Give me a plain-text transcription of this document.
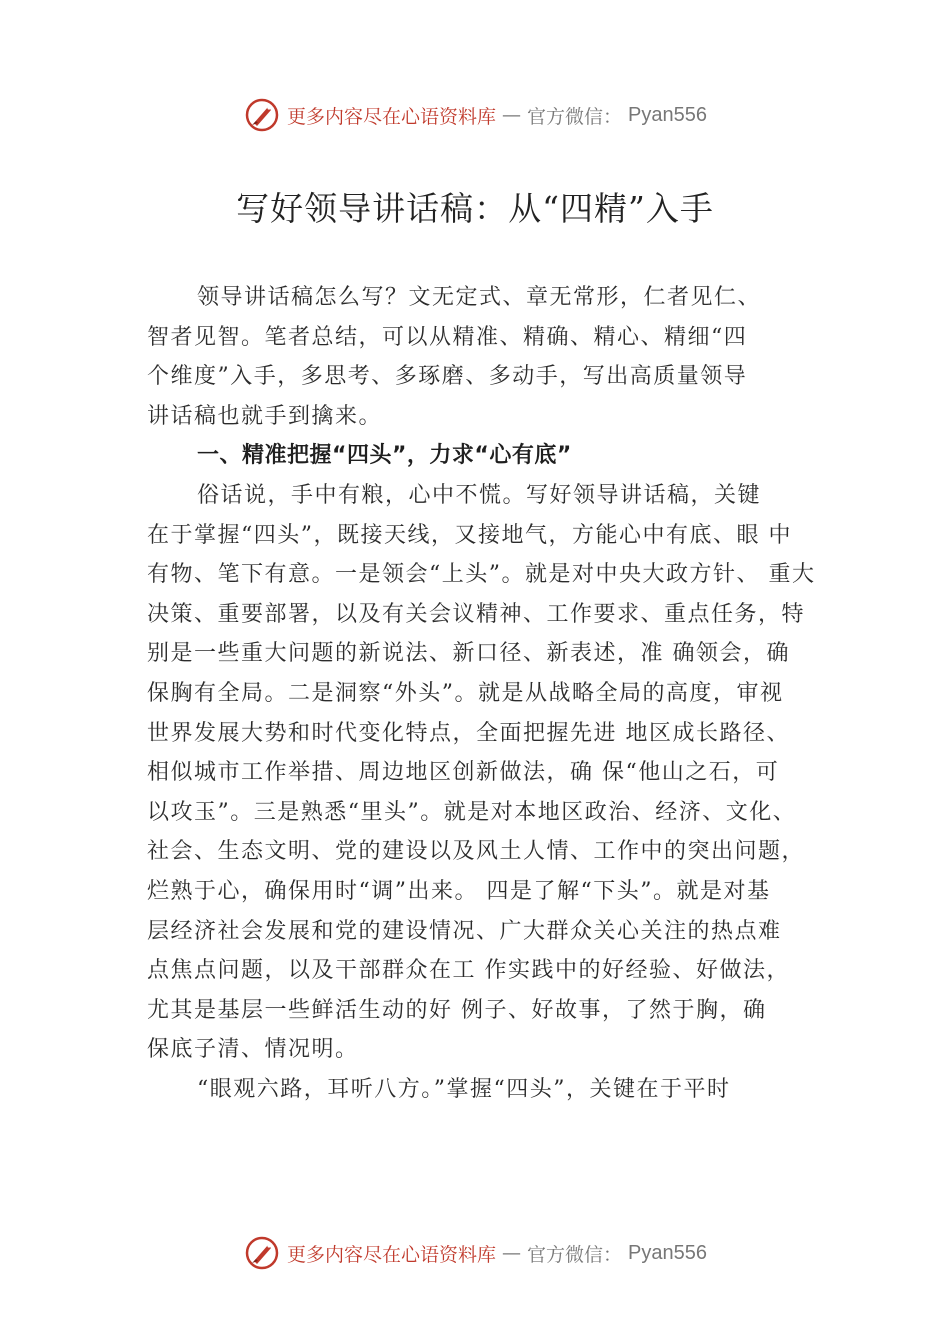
更多内容尽在心语资料库 — 官方微信： Pyan556
写好领导讲话稿：从“四精”入手
领导讲话稿怎么写？文无定式、章无常形，仁者见仁、
智者见智。笔者总结，可以从精准、精确、精心、精细“四
个维度”入手，多思考、多琢磨、多动手，写出高质量领导
讲话稿也就手到擒来。
一、精准把握“四头”，力求“心有底”
俗话说，手中有粮，心中不慌。写好领导讲话稿，关键
在于掌握“四头”，既接天线，又接地气，方能心中有底、眼 中
有物、笔下有意。一是领会“上头”。就是对中央大政方针、 重大
决策、重要部署，以及有关会议精神、工作要求、重点任务，特
别是一些重大问题的新说法、新口径、新表述，准 确领会，确
保胸有全局。二是洞察“外头”。就是从战略全局的高度，审视
世界发展大势和时代变化特点，全面把握先进 地区成长路径、
相似城市工作举措、周边地区创新做法，确 保“他山之石，可
以攻玉”。三是熟悉“里头”。就是对本地区政治、经济、文化、
社会、生态文明、党的建设以及风土人情、工作中的突出问题，
烂熟于心，确保用时“调”出来。 四是了解“下头”。就是对基
层经济社会发展和党的建设情况、广大群众关心关注的热点难
点焦点问题，以及干部群众在工 作实践中的好经验、好做法，
尤其是基层一些鲜活生动的好 例子、好故事，了然于胸，确
保底子清、情况明。
“眼观六路，耳听八方。”掌握“四头”，关键在于平时
更多内容尽在心语资料库 — 官方微信： Pyan556
